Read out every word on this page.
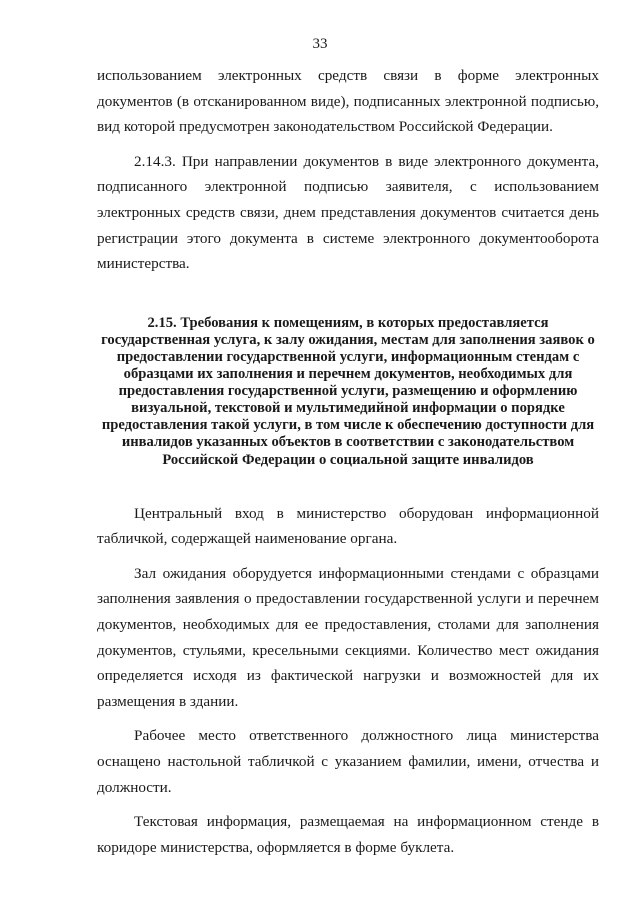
33

использованием электронных средств связи в форме электронных документов (в отсканированном виде), подписанных электронной подписью, вид которой предусмотрен законодательством Российской Федерации.

2.14.3. При направлении документов в виде электронного документа, подписанного электронной подписью заявителя, с использованием электронных средств связи, днем представления документов считается день регистрации этого документа в системе электронного документооборота министерства.

2.15. Требования к помещениям, в которых предоставляется государственная услуга, к залу ожидания, местам для заполнения заявок о предоставлении государственной услуги, информационным стендам с образцами их заполнения и перечнем документов, необходимых для предоставления государственной услуги, размещению и оформлению визуальной, текстовой и мультимедийной информации о порядке предоставления такой услуги, в том числе к обеспечению доступности для инвалидов указанных объектов в соответствии с законодательством Российской Федерации о социальной защите инвалидов

Центральный вход в министерство оборудован информационной табличкой, содержащей наименование органа.

Зал ожидания оборудуется информационными стендами с образцами заполнения заявления о предоставлении государственной услуги и перечнем документов, необходимых для ее предоставления, столами для заполнения документов, стульями, кресельными секциями. Количество мест ожидания определяется исходя из фактической нагрузки и возможностей для их размещения в здании.

Рабочее место ответственного должностного лица министерства оснащено настольной табличкой с указанием фамилии, имени, отчества и должности.

Текстовая информация, размещаемая на информационном стенде в коридоре министерства, оформляется в форме буклета.
